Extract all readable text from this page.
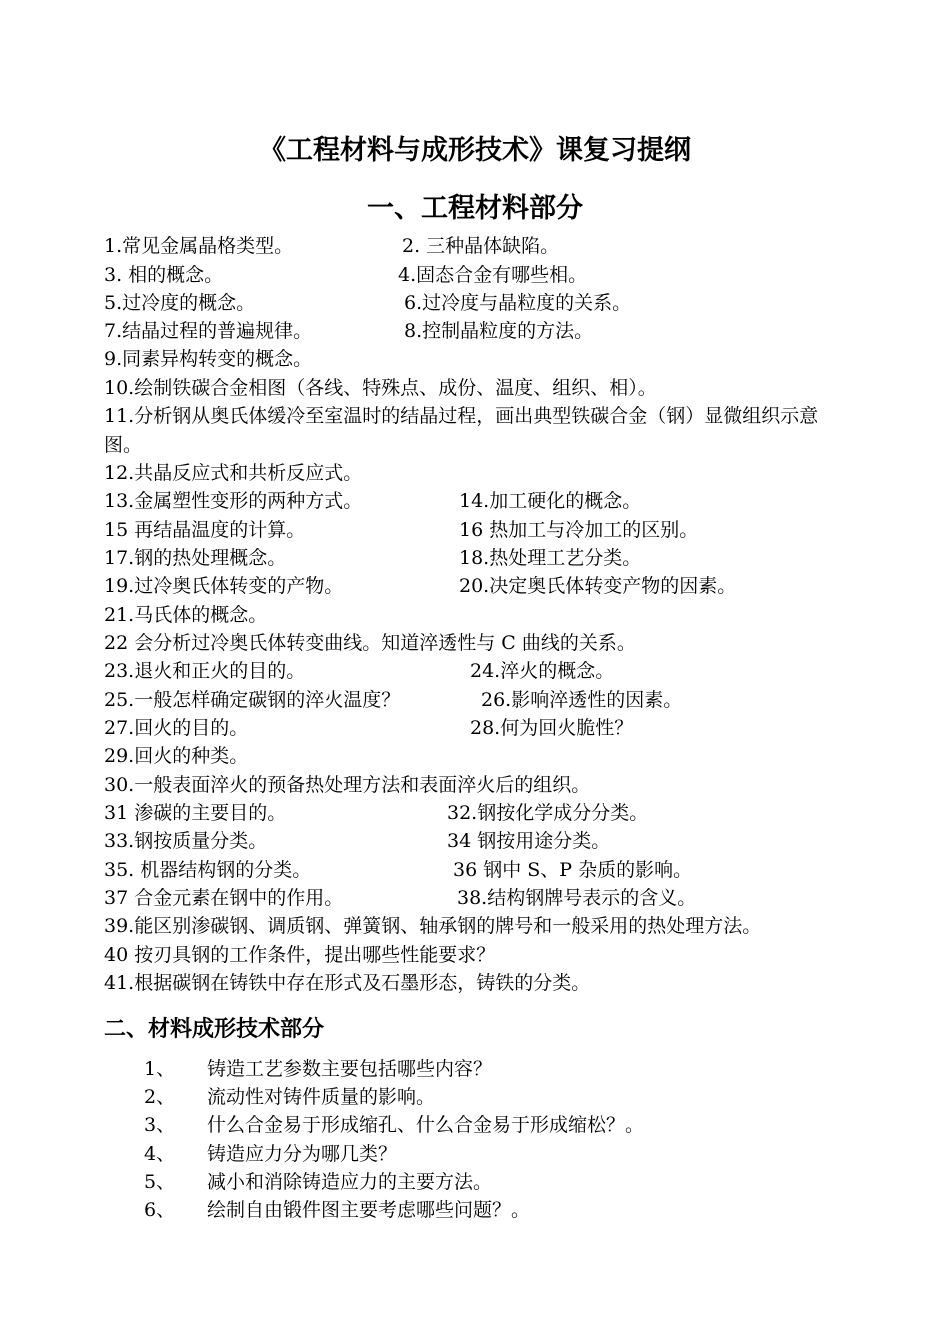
《工程材料与成形技术》课复习提纲
一、工程材料部分
1.常见金属晶格类型。	2. 三种晶体缺陷。
3. 相的概念。	4.固态合金有哪些相。
5.过冷度的概念。	6.过冷度与晶粒度的关系。
7.结晶过程的普遍规律。	8.控制晶粒度的方法。
9.同素异构转变的概念。
10.绘制铁碳合金相图（各线、特殊点、成份、温度、组织、相）。
11.分析钢从奥氏体缓冷至室温时的结晶过程，画出典型铁碳合金（钢）显微组织示意图。
12.共晶反应式和共析反应式。
13.金属塑性变形的两种方式。	14.加工硬化的概念。
15 再结晶温度的计算。	16 热加工与冷加工的区别。
17.钢的热处理概念。	18.热处理工艺分类。
19.过冷奥氏体转变的产物。	20.决定奥氏体转变产物的因素。
21.马氏体的概念。
22 会分析过冷奥氏体转变曲线。知道淬透性与 C 曲线的关系。
23.退火和正火的目的。	24.淬火的概念。
25.一般怎样确定碳钢的淬火温度？	26.影响淬透性的因素。
27.回火的目的。	28.何为回火脆性？
29.回火的种类。
30.一般表面淬火的预备热处理方法和表面淬火后的组织。
31 渗碳的主要目的。	32.钢按化学成分分类。
33.钢按质量分类。	34 钢按用途分类。
35. 机器结构钢的分类。	36 钢中 S、P 杂质的影响。
37 合金元素在钢中的作用。	38.结构钢牌号表示的含义。
39.能区别渗碳钢、调质钢、弹簧钢、轴承钢的牌号和一般采用的热处理方法。
40 按刃具钢的工作条件，提出哪些性能要求？
41.根据碳钢在铸铁中存在形式及石墨形态，铸铁的分类。
二、材料成形技术部分
1、 铸造工艺参数主要包括哪些内容？
2、 流动性对铸件质量的影响。
3、 什么合金易于形成缩孔、什么合金易于形成缩松？。
4、 铸造应力分为哪几类？
5、 减小和消除铸造应力的主要方法。
6、 绘制自由锻件图主要考虑哪些问题？。
